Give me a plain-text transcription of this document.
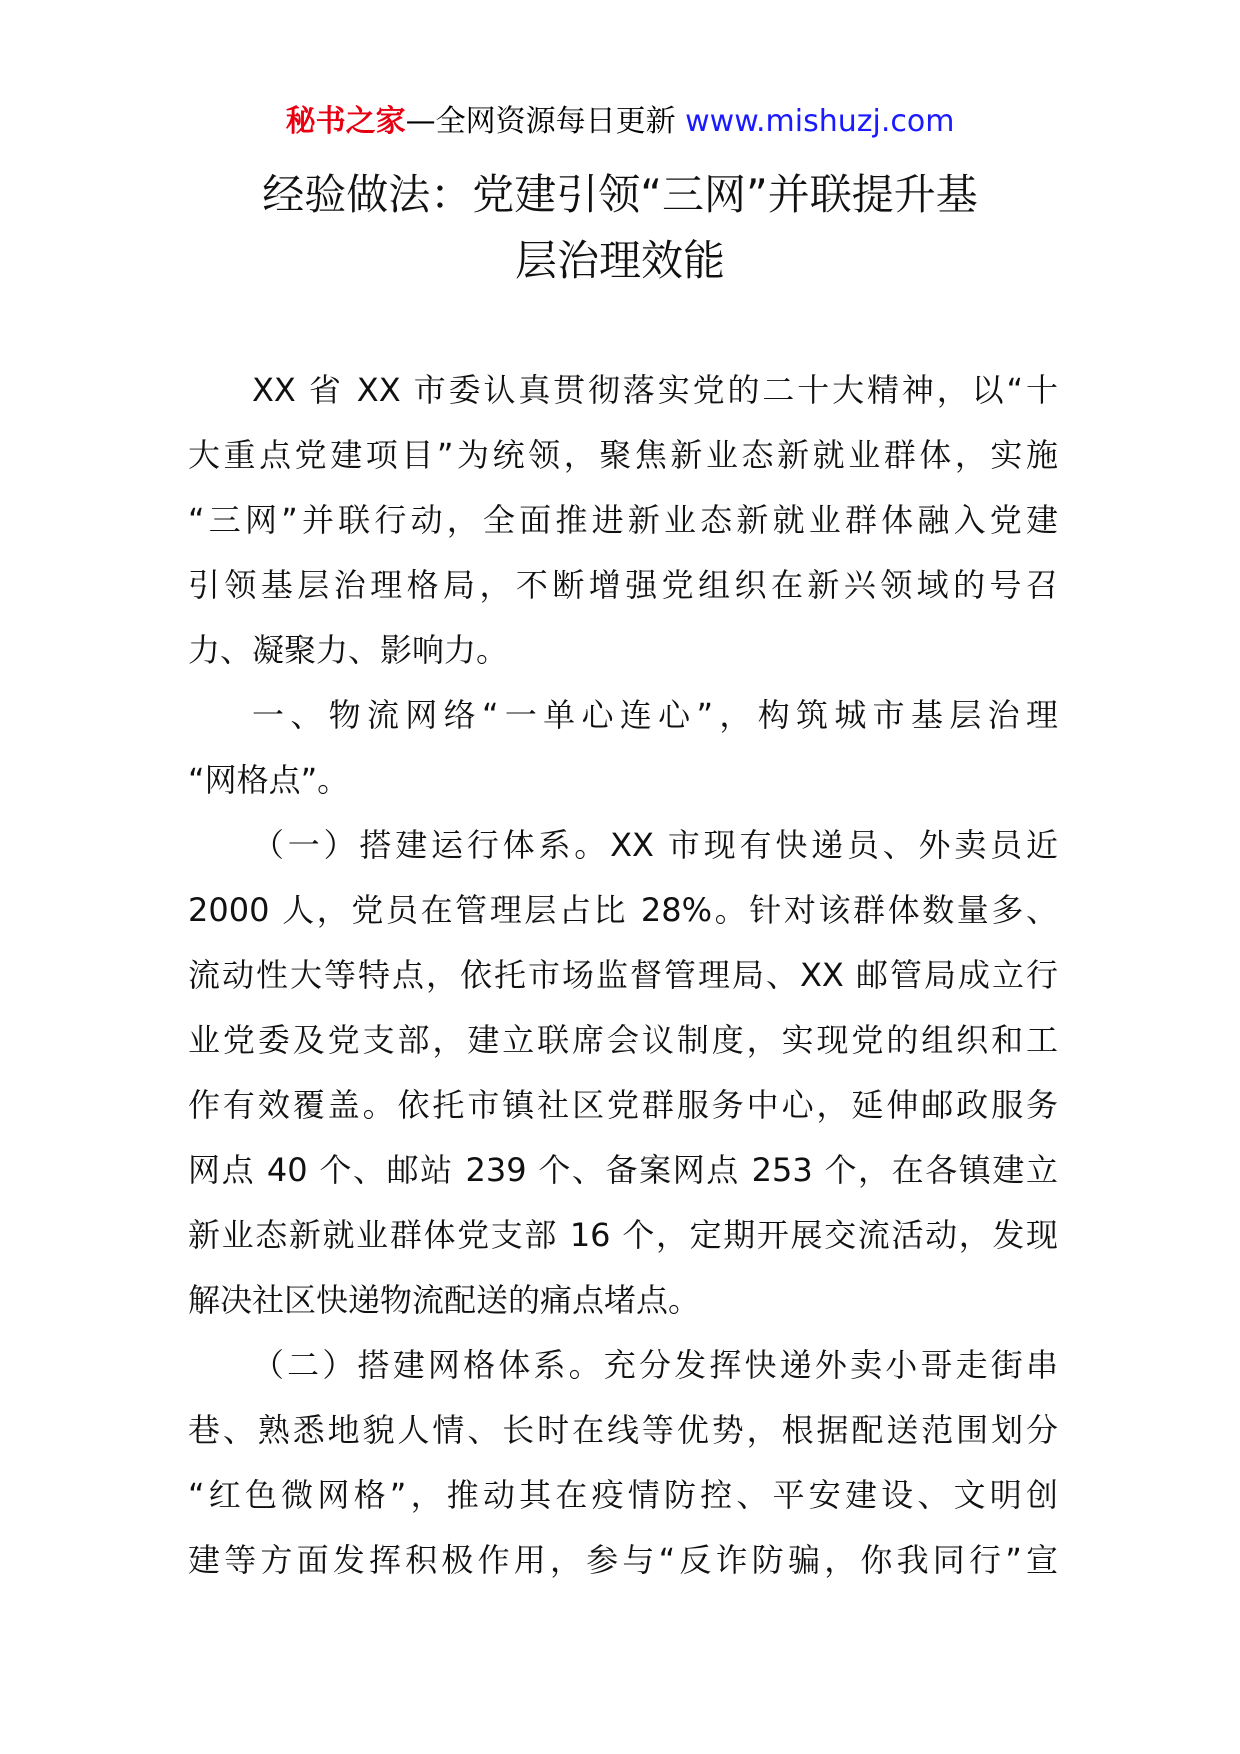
秘书之家—全网资源每日更新 www.mishuzj.com
经验做法：党建引领“三网”并联提升基
层治理效能
XX 省 XX 市委认真贯彻落实党的二十大精神，以“十
大重点党建项目”为统领，聚焦新业态新就业群体，实施
“三网”并联行动，全面推进新业态新就业群体融入党建
引领基层治理格局，不断增强党组织在新兴领域的号召
力、凝聚力、影响力。
一、物流网络“一单心连心”，构筑城市基层治理
“网格点”。
（一）搭建运行体系。XX 市现有快递员、外卖员近
2000 人，党员在管理层占比 28%。针对该群体数量多、
流动性大等特点，依托市场监督管理局、XX 邮管局成立行
业党委及党支部，建立联席会议制度，实现党的组织和工
作有效覆盖。依托市镇社区党群服务中心，延伸邮政服务
网点 40 个、邮站 239 个、备案网点 253 个，在各镇建立
新业态新就业群体党支部 16 个，定期开展交流活动，发现
解决社区快递物流配送的痛点堵点。
（二）搭建网格体系。充分发挥快递外卖小哥走街串
巷、熟悉地貌人情、长时在线等优势，根据配送范围划分
“红色微网格”，推动其在疫情防控、平安建设、文明创
建等方面发挥积极作用，参与“反诈防骗，你我同行”宣
